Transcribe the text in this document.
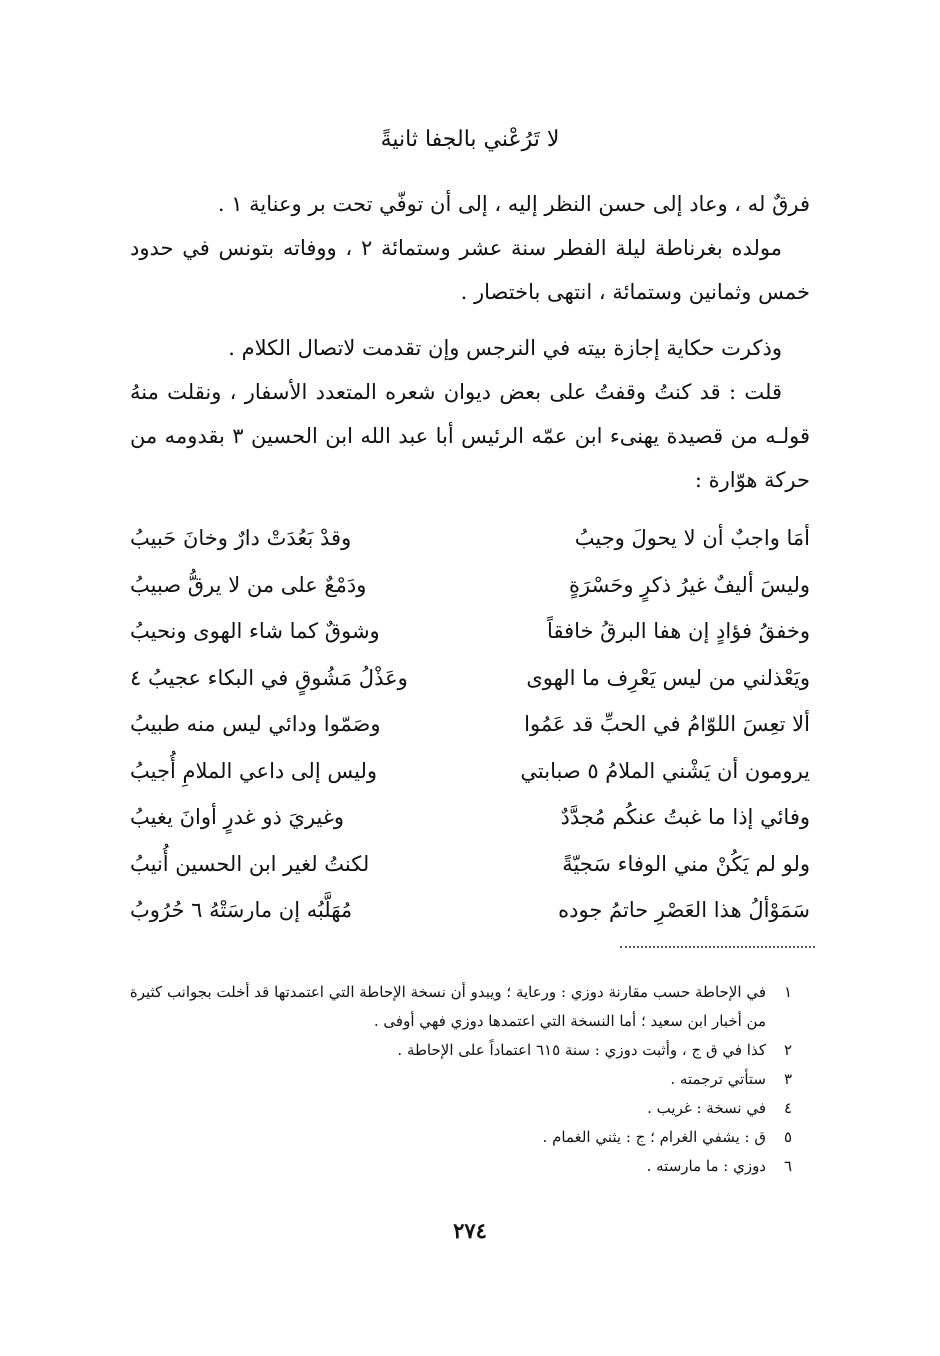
لا تَرُعْني بالجفا ثانيةً

فرقٌ له ، وعاد إلى حسن النظر إليه ، إلى أن توفّي تحت بر وعناية ١ .

مولده بغرناطة ليلة الفطر سنة عشر وستمائة ٢ ، ووفاته بتونس في حدود خمس وثمانين وستمائة ، انتهى باختصار .

وذكرت حكاية إجازة بيته في النرجس وإن تقدمت لاتصال الكلام .

قلت : قد كنتُ وقفتُ على بعض ديوان شعره المتعدد الأسفار ، ونقلت منهُ قولـه من قصيدة يهنىء ابن عمّه الرئيس أبا عبد الله ابن الحسين ٣ بقدومه من حركة هوّارة :

أمَا واجبٌ أن لا يحولَ وجيبُ
وقدْ بَعُدَتْ دارٌ وخانَ حَبيبُ
وليسَ أليفٌ غيرُ ذكرٍ وحَسْرَةٍ
ودَمْعٌ على من لا يرقُّ صبيبُ
وخفقُ فؤادٍ إن هفا البرقُ خافقاً
وشوقٌ كما شاء الهوى ونحيبُ
ويَعْذلني من ليس يَعْرِف ما الهوى
وعَذْلُ مَشُوقٍ في البكاء عجيبُ ٤
ألا تعِسَ اللوّامُ في الحبِّ قد عَمُوا
وصَمّوا ودائي ليس منه طبيبُ
يرومون أن يَشْني الملامُ ٥ صبابتي
وليس إلى داعي الملامِ أُجيبُ
وفائي إذا ما غبتُ عنكُم مُجدَّدٌ
وغيريَ ذو غدرٍ أوانَ يغيبُ
ولو لم يَكُنْ مني الوفاء سَجيّةً
لكنتُ لغير ابن الحسين أُنيبُ
سَمَوْألُ هذا العَصْرِ حاتمُ جوده
مُهَلَّبُه إن مارسَتْهُ ٦ حُرُوبُ
١
في الإحاطة حسب مقارنة دوزي : ورعاية ؛ ويبدو أن نسخة الإحاطة التي اعتمدتها قد أخلت بجوانب كثيرة من أخبار ابن سعيد ؛ أما النسخة التي اعتمدها دوزي فهي أوفى .
٢
كذا في ق ج ، وأثبت دوزي : سنة ٦١٥ اعتماداً على الإحاطة .
٣
ستأتي ترجمته .
٤
في نسخة : غريب .
٥
ق : يشفي الغرام ؛ ج : يثني الغمام .
٦
دوزي : ما مارسته .
٢٧٤
